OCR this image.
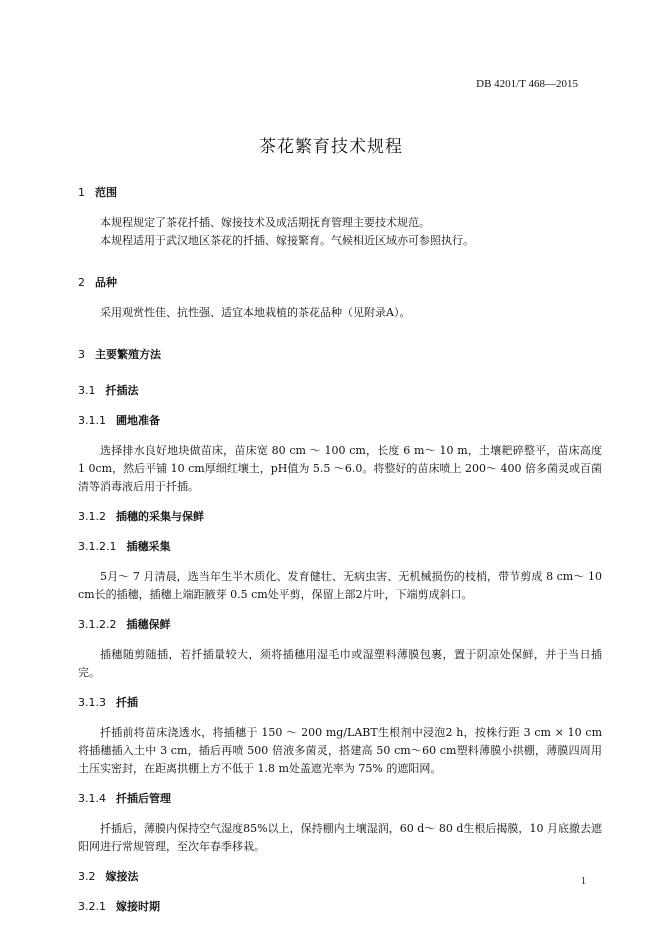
DB 4201/T 468—2015
茶花繁育技术规程
1 范围

本规程规定了茶花扦插、嫁接技术及成活期抚育管理主要技术规范。

本规程适用于武汉地区茶花的扦插、嫁接繁育。气候相近区域亦可参照执行。

2 品种

采用观赏性佳、抗性强、适宜本地栽植的茶花品种（见附录A）。

3 主要繁殖方法
3.1 扦插法
3.1.1 圃地准备

选择排水良好地块做苗床，苗床宽 80 cm ～ 100 cm，长度 6 m～ 10 m，土壤耙碎整平，苗床高度 1 0cm，然后平铺 10 cm厚细红壤土，pH值为 5.5 ～6.0。将整好的苗床喷上 200～ 400 倍多菌灵或百菌清等消毒液后用于扦插。

3.1.2 插穗的采集与保鲜
3.1.2.1 插穗采集

5月～ 7 月清晨，选当年生半木质化、发育健壮、无病虫害、无机械损伤的枝梢，带节剪成 8 cm～ 10 cm长的插穗，插穗上端距腋芽 0.5 cm处平剪，保留上部2片叶，下端剪成斜口。

3.1.2.2 插穗保鲜

插穗随剪随插，若扦插量较大，须将插穗用湿毛巾或湿塑料薄膜包裹，置于阴凉处保鲜，并于当日插完。

3.1.3 扦插

扦插前将苗床浇透水，将插穗于 150 ～ 200 mg/LABT生根剂中浸泡2 h，按株行距 3 cm × 10 cm将插穗插入土中 3 cm，插后再喷 500 倍液多菌灵，搭建高 50 cm～60 cm塑料薄膜小拱棚，薄膜四周用土压实密封，在距离拱棚上方不低于 1.8 m处盖遮光率为 75% 的遮阳网。

3.1.4 扦插后管理

扦插后，薄膜内保持空气湿度85%以上，保持棚内土壤湿润，60 d～ 80 d生根后揭膜，10 月底撤去遮阳网进行常规管理，至次年春季移栽。

3.2 嫁接法
3.2.1 嫁接时期
1
